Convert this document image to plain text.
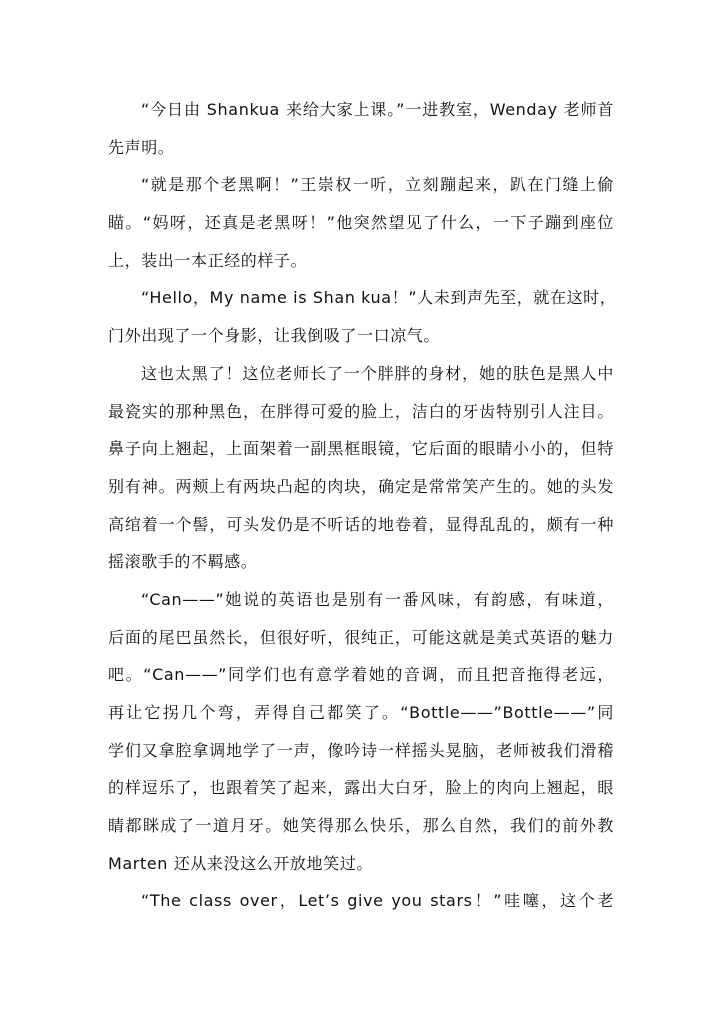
“今日由 Shankua 来给大家上课。”一进教室，Wenday 老师首
先声明。
“就是那个老黑啊！”王崇权一听，立刻蹦起来，趴在门缝上偷
瞄。“妈呀，还真是老黑呀！”他突然望见了什么，一下子蹦到座位
上，装出一本正经的样子。
“Hello，My name is Shan kua！”人未到声先至，就在这时，
门外出现了一个身影，让我倒吸了一口凉气。
这也太黑了！这位老师长了一个胖胖的身材，她的肤色是黑人中
最瓷实的那种黑色，在胖得可爱的脸上，洁白的牙齿特别引人注目。
鼻子向上翘起，上面架着一副黑框眼镜，它后面的眼睛小小的，但特
别有神。两颊上有两块凸起的肉块，确定是常常笑产生的。她的头发
高绾着一个髻，可头发仍是不听话的地卷着，显得乱乱的，颇有一种
摇滚歌手的不羁感。
“Can——”她说的英语也是别有一番风味，有韵感，有味道，
后面的尾巴虽然长，但很好听，很纯正，可能这就是美式英语的魅力
吧。“Can——”同学们也有意学着她的音调，而且把音拖得老远，
再让它拐几个弯，弄得自己都笑了。“Bottle——”Bottle——”同
学们又拿腔拿调地学了一声，像吟诗一样摇头晃脑，老师被我们滑稽
的样逗乐了，也跟着笑了起来，露出大白牙，脸上的肉向上翘起，眼
睛都眯成了一道月牙。她笑得那么快乐，那么自然，我们的前外教
Marten 还从来没这么开放地笑过。
“The class over，Let’s give you stars！”哇噻，这个老
